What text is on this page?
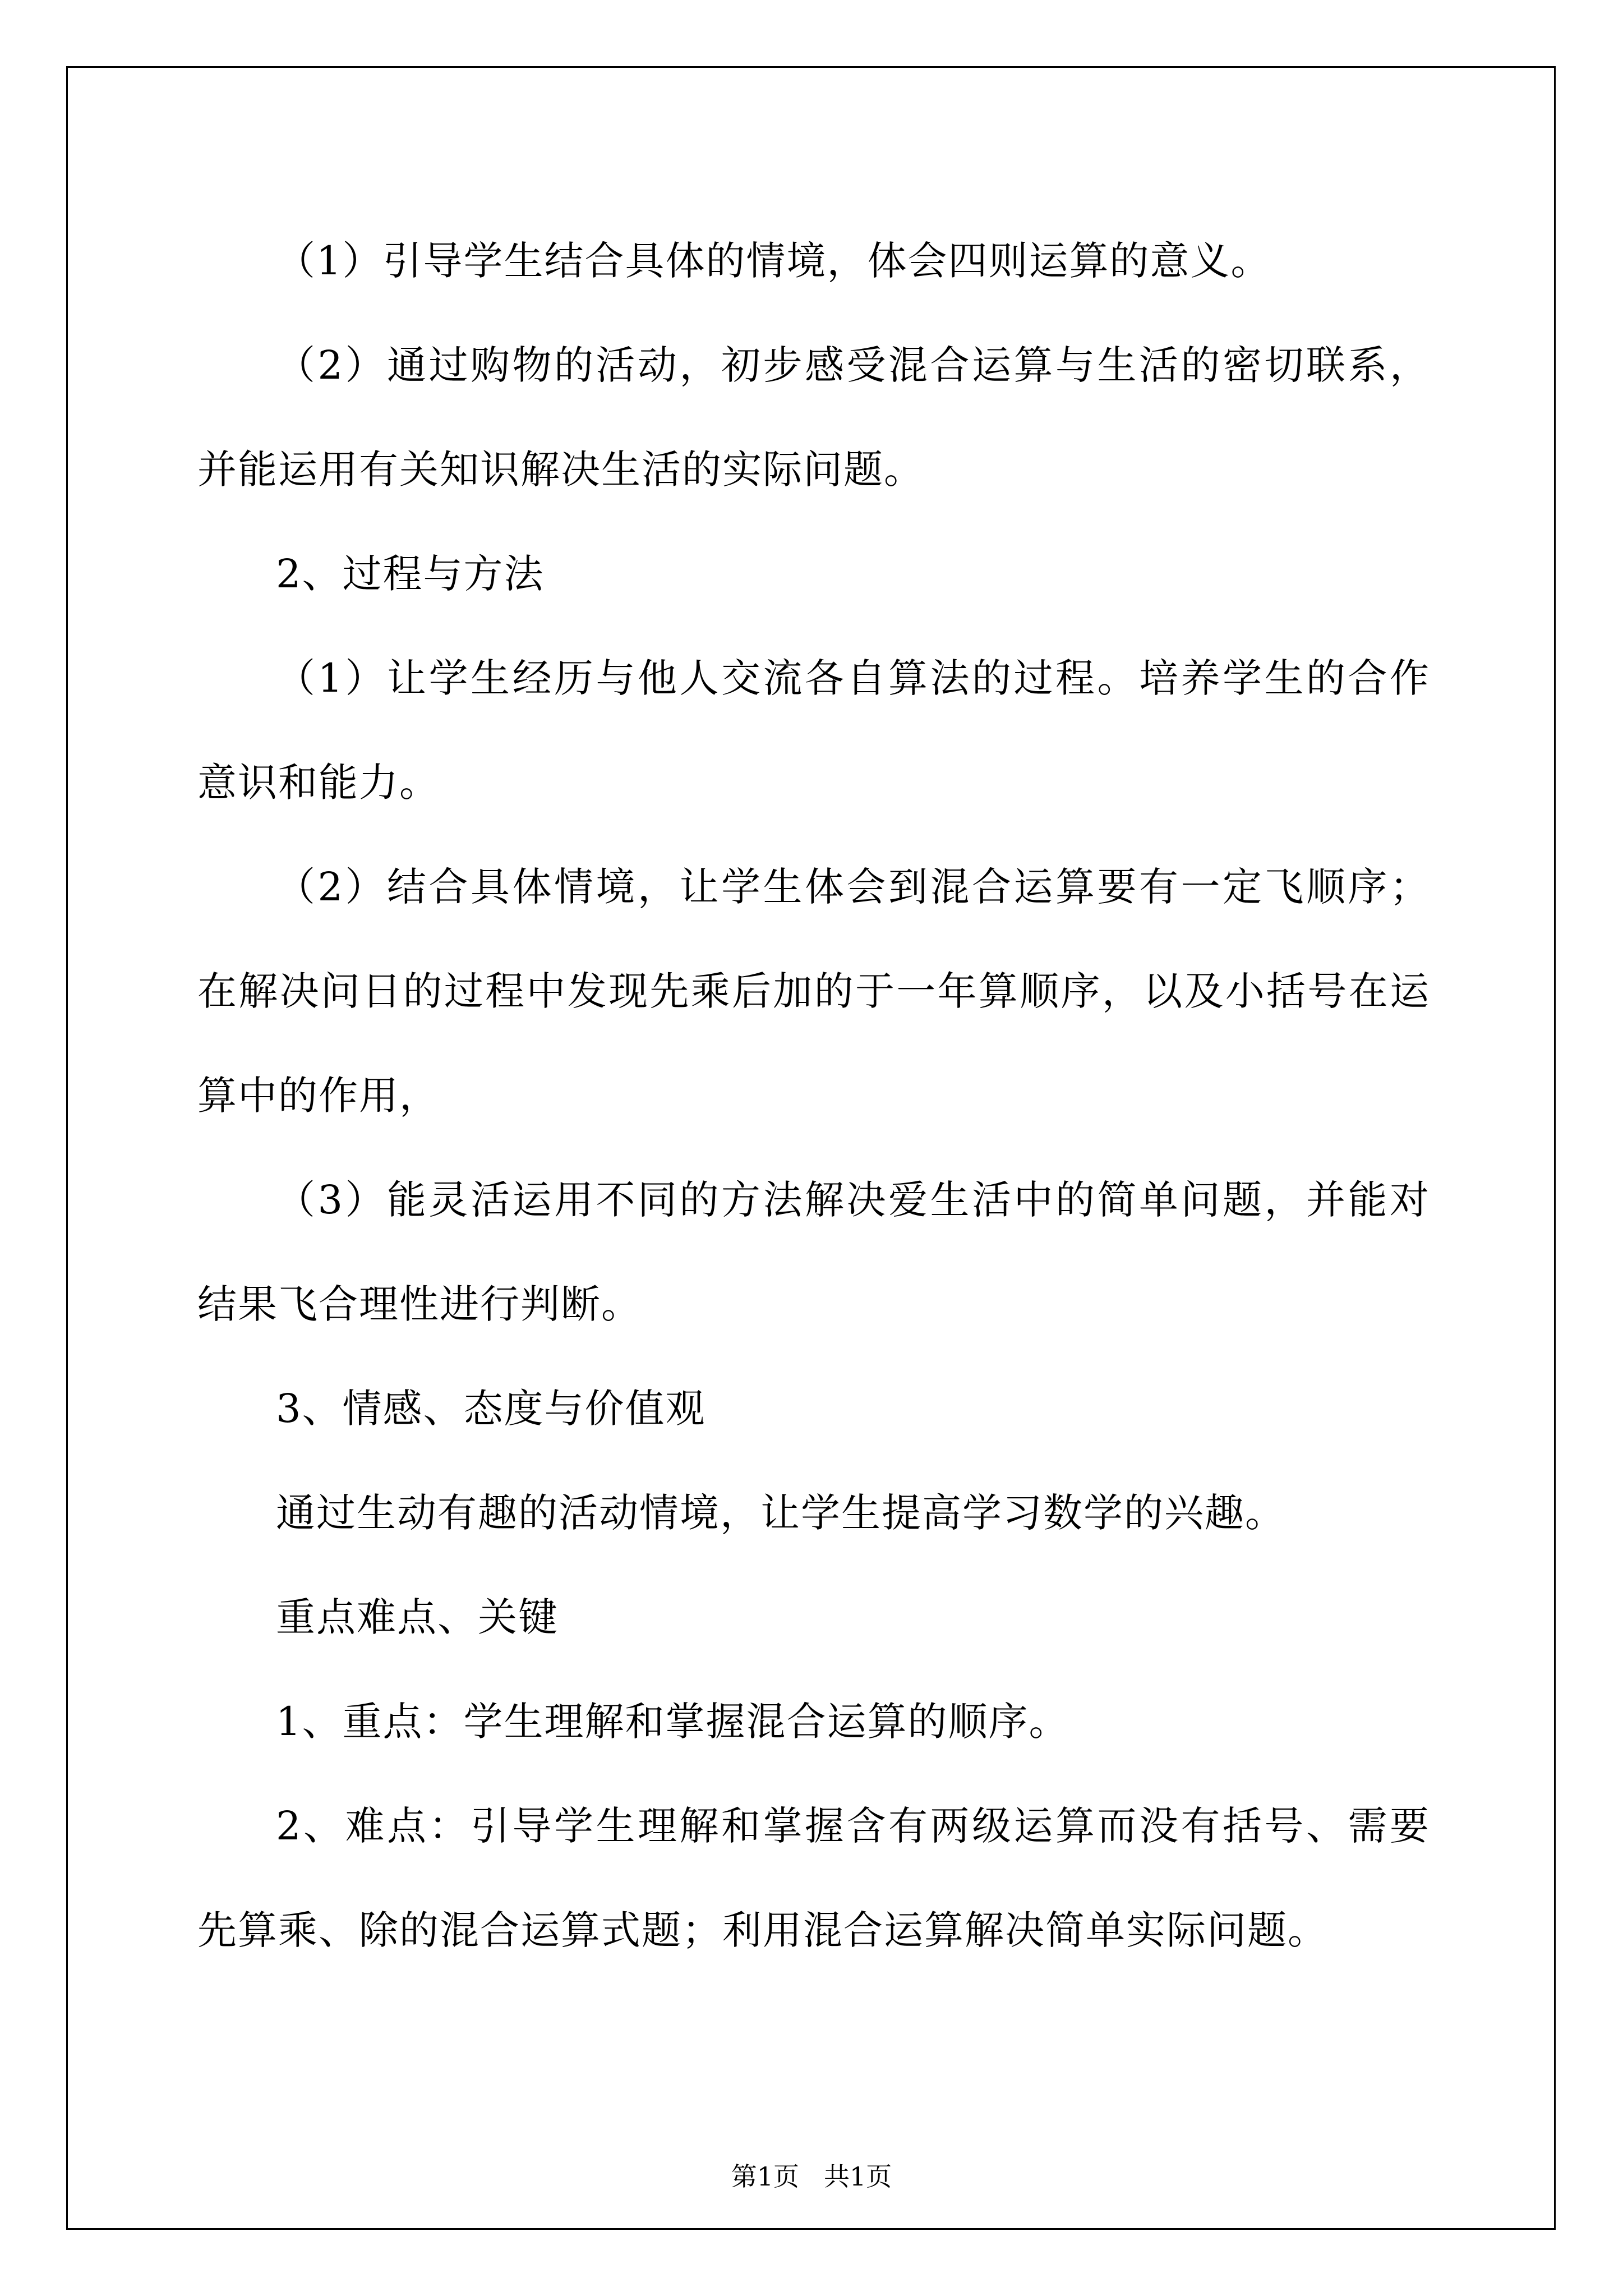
（1）引导学生结合具体的情境，体会四则运算的意义。

（2）通过购物的活动，初步感受混合运算与生活的密切联系，并能运用有关知识解决生活的实际问题。

2、过程与方法

（1）让学生经历与他人交流各自算法的过程。培养学生的合作意识和能力。

（2）结合具体情境，让学生体会到混合运算要有一定飞顺序；在解决问日的过程中发现先乘后加的于一年算顺序，以及小括号在运算中的作用，

（3）能灵活运用不同的方法解决爱生活中的简单问题，并能对结果飞合理性进行判断。

3、情感、态度与价值观

通过生动有趣的活动情境，让学生提高学习数学的兴趣。

重点难点、关键

1、重点：学生理解和掌握混合运算的顺序。

2、难点：引导学生理解和掌握含有两级运算而没有括号、需要先算乘、除的混合运算式题；利用混合运算解决简单实际问题。

第1页 共1页
